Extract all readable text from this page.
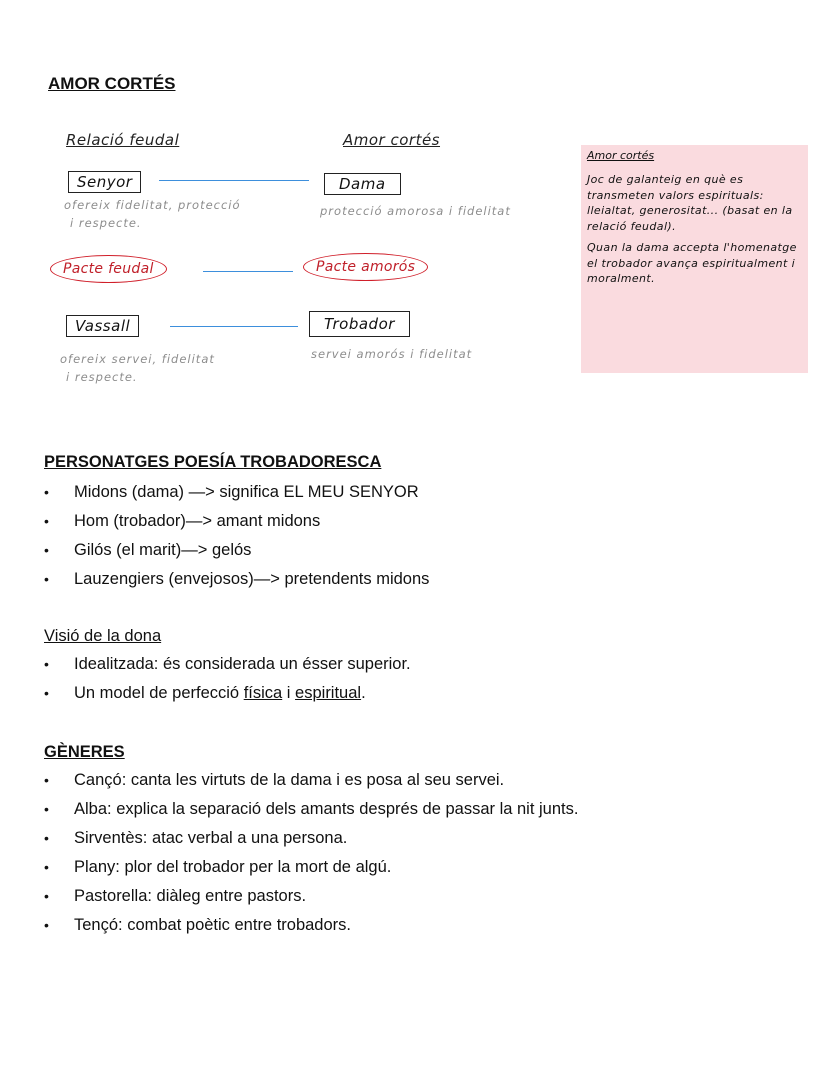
AMOR CORTÉS
Relació feudal	Amor cortés
Senyor	Dama
ofereix fidelitat, protecció
i respecte.
protecció amorosa i fidelitat
Pacte feudal	Pacte amorós
Vassall	Trobador
ofereix servei, fidelitat
i respecte.
servei amorós i fidelitat
Amor cortés

Joc de galanteig en què es transmeten valors espirituals: lleialtat, generositat... (basat en la relació feudal).

Quan la dama accepta l'homenatge el trobador avança espiritualment i moralment.

PERSONATGES POESÍA TROBADORESCA
• Midons (dama) —> significa EL MEU SENYOR
• Hom (trobador)—> amant midons
• Gilós (el marit)—> gelós
• Lauzengiers (envejosos)—> pretendents midons
Visió de la dona
• Idealitzada: és considerada un ésser superior.
• Un model de perfecció física i espiritual.
GÈNERES
• Cançó: canta les virtuts de la dama i es posa al seu servei.
• Alba: explica la separació dels amants després de passar la nit junts.
• Sirventès: atac verbal a una persona.
• Plany: plor del trobador per la mort de algú.
• Pastorella: diàleg entre pastors.
• Tençó: combat poètic entre trobadors.
